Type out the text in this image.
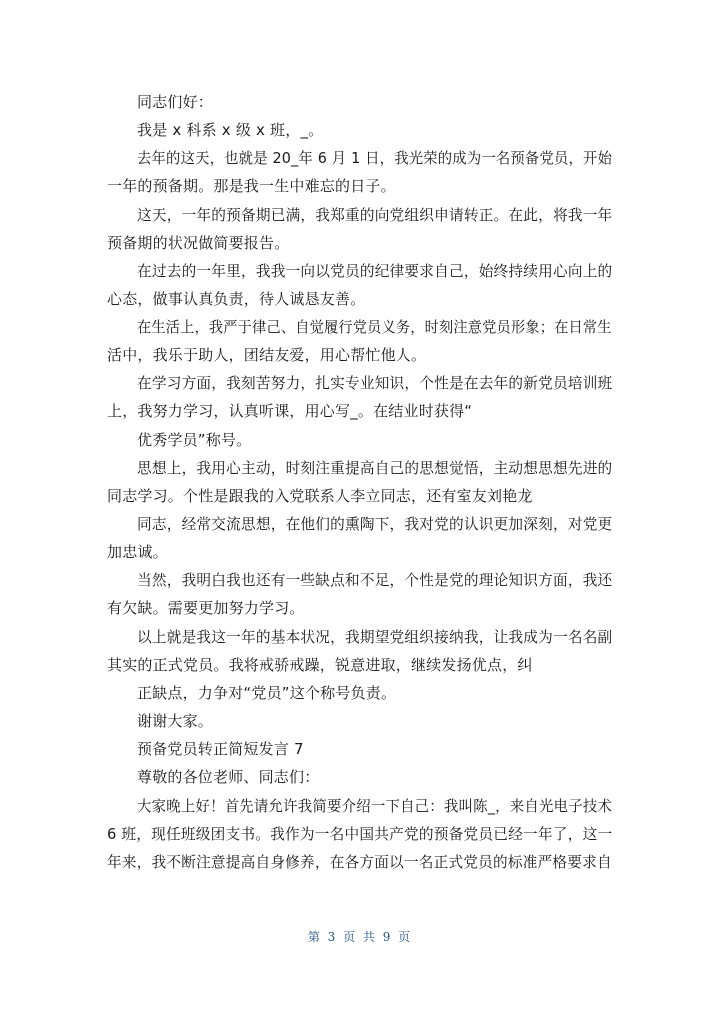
同志们好：
我是 x 科系 x 级 x 班，_。
去年的这天，也就是 20_年 6 月 1 日，我光荣的成为一名预备党员，开始
一年的预备期。那是我一生中难忘的日子。
这天，一年的预备期已满，我郑重的向党组织申请转正。在此，将我一年
预备期的状况做简要报告。
在过去的一年里，我我一向以党员的纪律要求自己，始终持续用心向上的
心态，做事认真负责，待人诚恳友善。
在生活上，我严于律己、自觉履行党员义务，时刻注意党员形象；在日常生
活中，我乐于助人，团结友爱，用心帮忙他人。
在学习方面，我刻苦努力，扎实专业知识，个性是在去年的新党员培训班
上，我努力学习，认真听课，用心写_。在结业时获得“
优秀学员”称号。
思想上，我用心主动，时刻注重提高自己的思想觉悟，主动想思想先进的
同志学习。个性是跟我的入党联系人李立同志，还有室友刘艳龙
同志，经常交流思想，在他们的熏陶下，我对党的认识更加深刻，对党更
加忠诚。
当然，我明白我也还有一些缺点和不足，个性是党的理论知识方面，我还
有欠缺。需要更加努力学习。
以上就是我这一年的基本状况，我期望党组织接纳我，让我成为一名名副
其实的正式党员。我将戒骄戒躁，锐意进取，继续发扬优点，纠
正缺点，力争对“党员”这个称号负责。
谢谢大家。
预备党员转正简短发言 7
尊敬的各位老师、同志们：
大家晚上好！首先请允许我简要介绍一下自己：我叫陈_，来自光电子技术
6 班，现任班级团支书。我作为一名中国共产党的预备党员已经一年了，这一
年来，我不断注意提高自身修养，在各方面以一名正式党员的标准严格要求自
第 3 页 共 9 页
